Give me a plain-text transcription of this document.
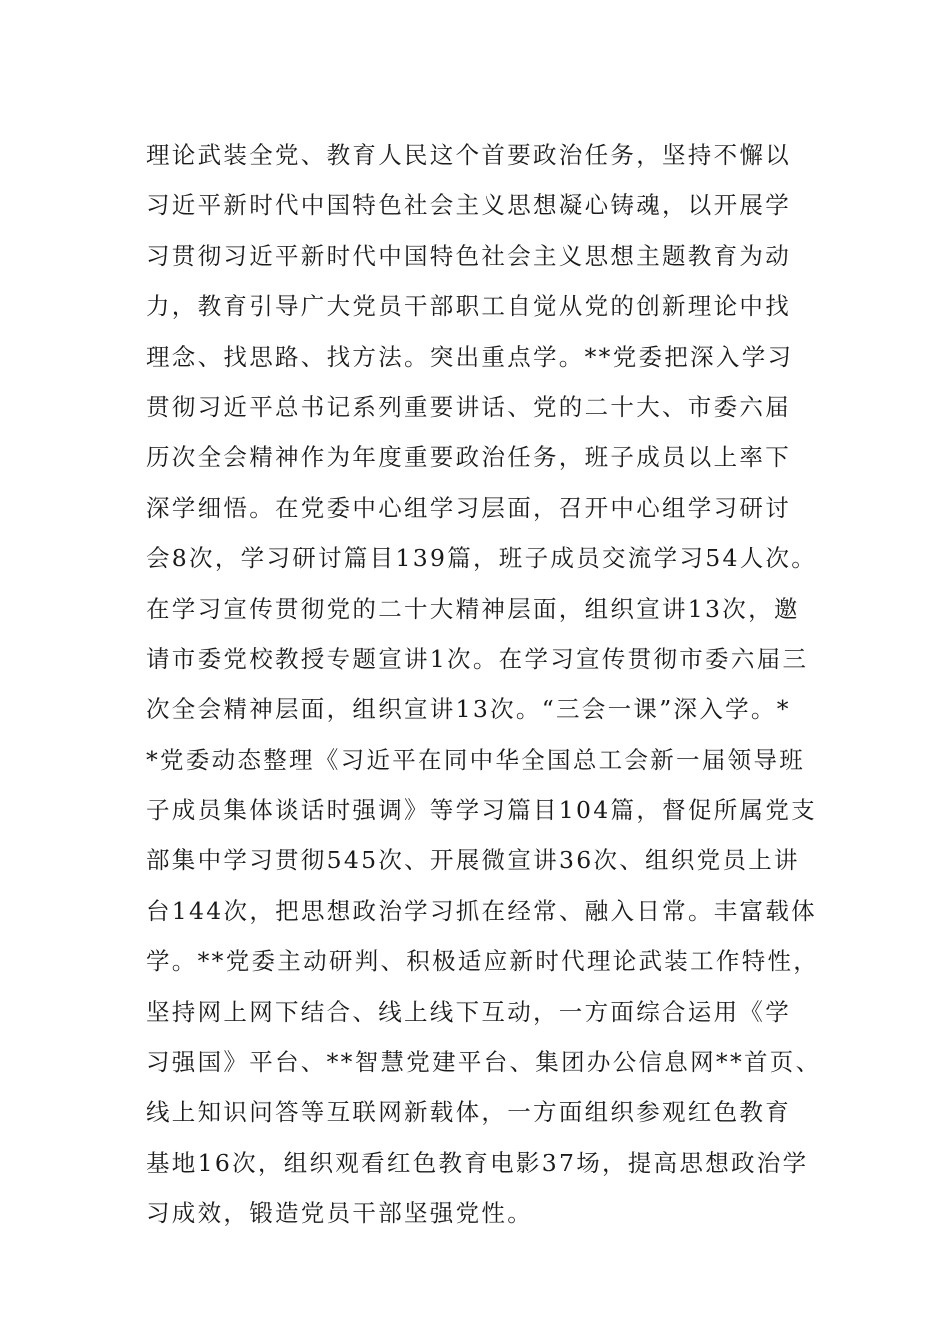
理论武装全党、教育人民这个首要政治任务，坚持不懈以
习近平新时代中国特色社会主义思想凝心铸魂，以开展学
习贯彻习近平新时代中国特色社会主义思想主题教育为动
力，教育引导广大党员干部职工自觉从党的创新理论中找
理念、找思路、找方法。突出重点学。**党委把深入学习
贯彻习近平总书记系列重要讲话、党的二十大、市委六届
历次全会精神作为年度重要政治任务，班子成员以上率下
深学细悟。在党委中心组学习层面，召开中心组学习研讨
会8次，学习研讨篇目139篇，班子成员交流学习54人次。
在学习宣传贯彻党的二十大精神层面，组织宣讲13次，邀
请市委党校教授专题宣讲1次。在学习宣传贯彻市委六届三
次全会精神层面，组织宣讲13次。“三会一课”深入学。*
*党委动态整理《习近平在同中华全国总工会新一届领导班
子成员集体谈话时强调》等学习篇目104篇，督促所属党支
部集中学习贯彻545次、开展微宣讲36次、组织党员上讲
台144次，把思想政治学习抓在经常、融入日常。丰富载体
学。**党委主动研判、积极适应新时代理论武装工作特性，
坚持网上网下结合、线上线下互动，一方面综合运用《学
习强国》平台、**智慧党建平台、集团办公信息网**首页、
线上知识问答等互联网新载体，一方面组织参观红色教育
基地16次，组织观看红色教育电影37场，提高思想政治学
习成效，锻造党员干部坚强党性。
